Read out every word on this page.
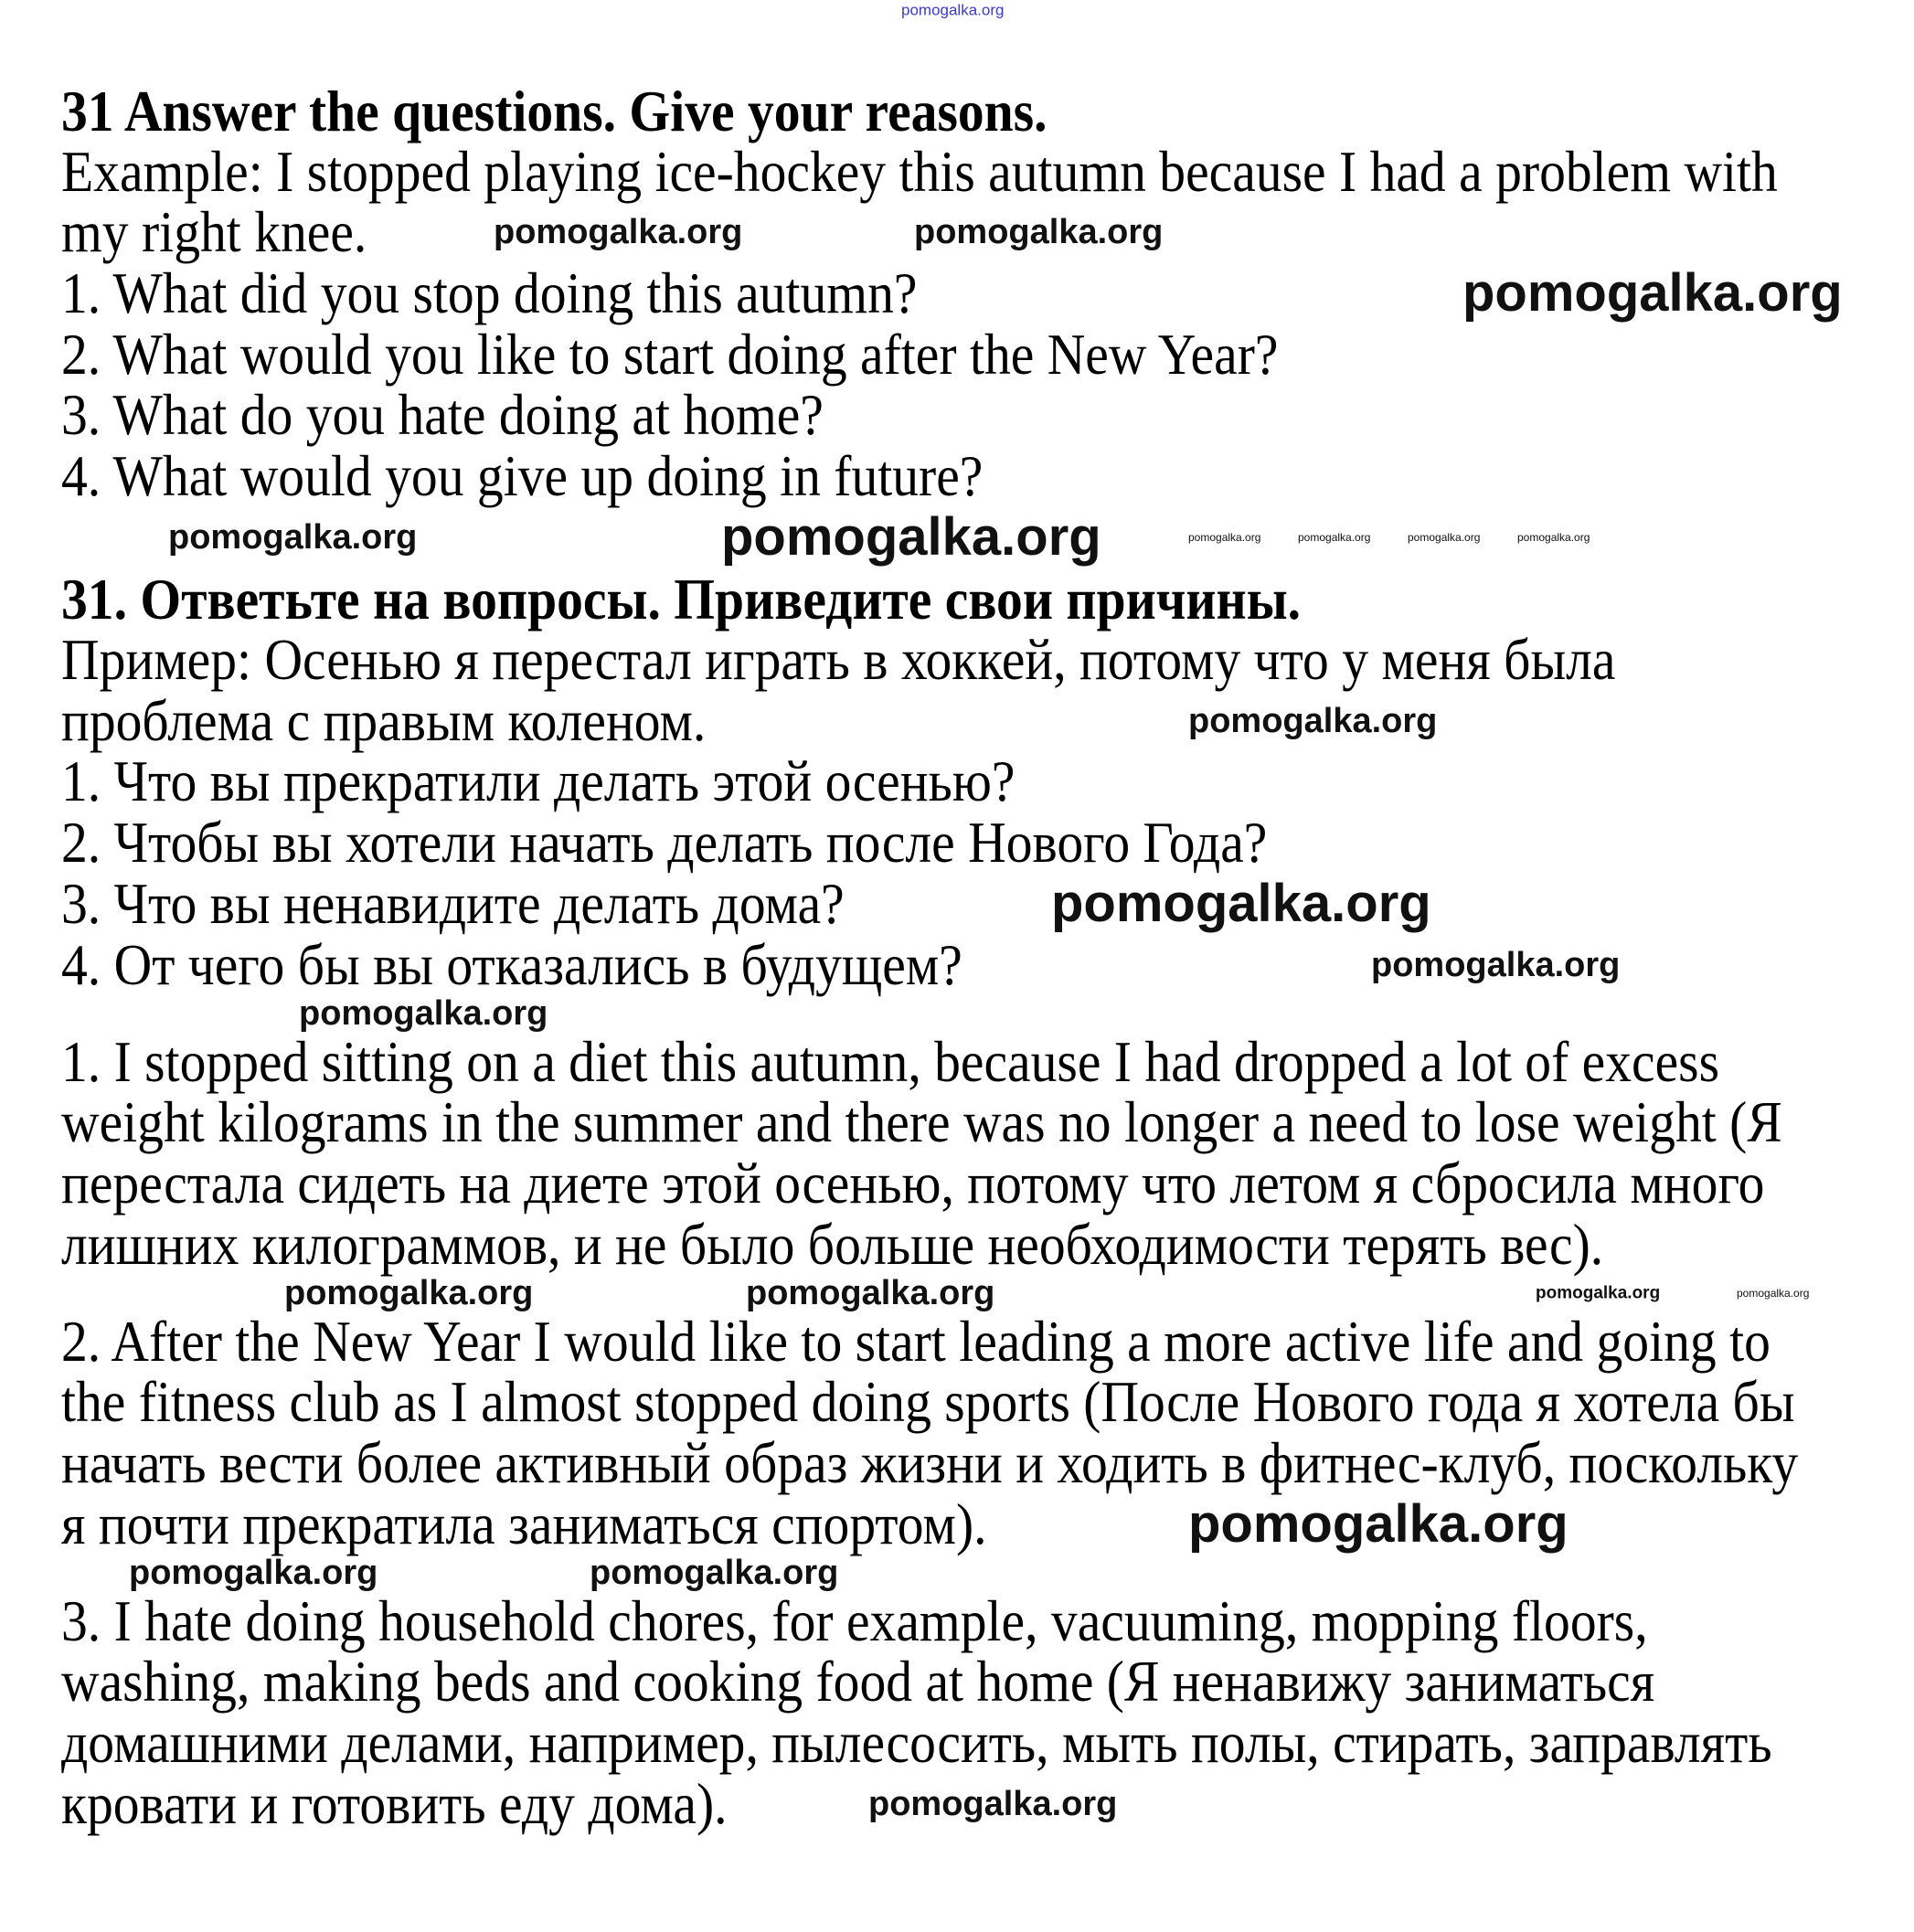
31 Answer the questions. Give your reasons.
Example: I stopped playing ice-hockey this autumn because I had a problem with
my right knee.
1. What did you stop doing this autumn?
2. What would you like to start doing after the New Year?
3. What do you hate doing at home?
4. What would you give up doing in future?
31. Ответьте на вопросы. Приведите свои причины.
Пример: Осенью я перестал играть в хоккей, потому что у меня была
проблема с правым коленом.
1. Что вы прекратили делать этой осенью?
2. Чтобы вы хотели начать делать после Нового Года?
3. Что вы ненавидите делать дома?
4. От чего бы вы отказались в будущем?
1. I stopped sitting on a diet this autumn, because I had dropped a lot of excess
weight kilograms in the summer and there was no longer a need to lose weight (Я
перестала сидеть на диете этой осенью, потому что летом я сбросила много
лишних килограммов, и не было больше необходимости терять вес).
2. After the New Year I would like to start leading a more active life and going to
the fitness club as I almost stopped doing sports (После Нового года я хотела бы
начать вести более активный образ жизни и ходить в фитнес-клуб, поскольку
я почти прекратила заниматься спортом).
3. I hate doing household chores, for example, vacuuming, mopping floors,
washing, making beds and cooking food at home (Я ненавижу заниматься
домашними делами, например, пылесосить, мыть полы, стирать, заправлять
кровати и готовить еду дома).
pomogalka.org
pomogalka.org	pomogalka.org	pomogalka.org	pomogalka.org
pomogalka.org	pomogalka.org
pomogalka.org
pomogalka.org	pomogalka.org
pomogalka.org
pomogalka.org
pomogalka.org
pomogalka.org
pomogalka.org	pomogalka.org
pomogalka.org	pomogalka.org
pomogalka.org
pomogalka.org	pomogalka.org
pomogalka.org
